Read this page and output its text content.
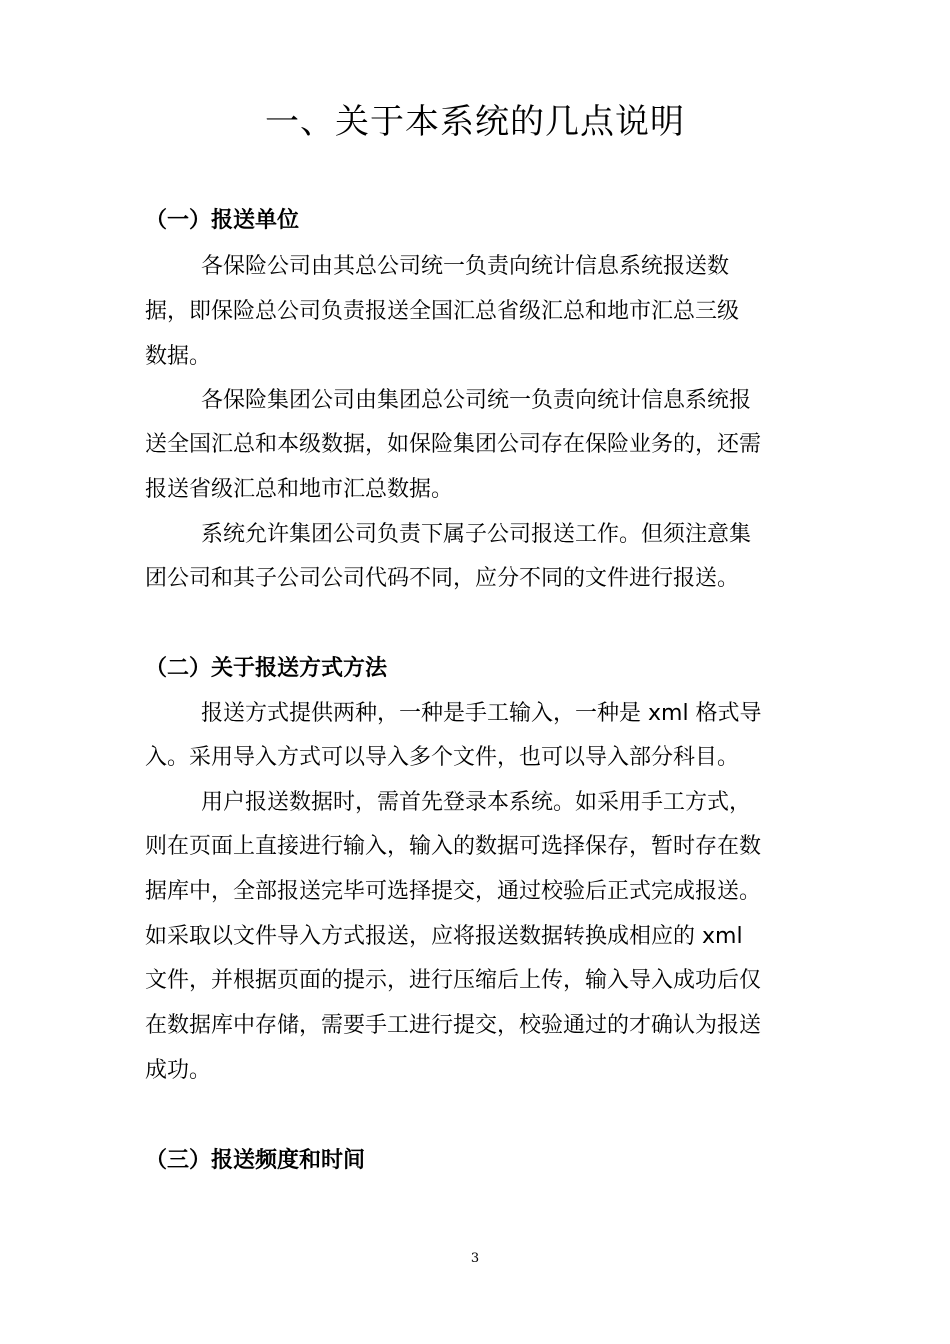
一、关于本系统的几点说明
（一）报送单位
各保险公司由其总公司统一负责向统计信息系统报送数
据，即保险总公司负责报送全国汇总省级汇总和地市汇总三级
数据。
各保险集团公司由集团总公司统一负责向统计信息系统报
送全国汇总和本级数据，如保险集团公司存在保险业务的，还需
报送省级汇总和地市汇总数据。
系统允许集团公司负责下属子公司报送工作。但须注意集
团公司和其子公司公司代码不同，应分不同的文件进行报送。
（二）关于报送方式方法
报送方式提供两种，一种是手工输入，一种是 xml 格式导
入。采用导入方式可以导入多个文件，也可以导入部分科目。
用户报送数据时，需首先登录本系统。如采用手工方式，
则在页面上直接进行输入，输入的数据可选择保存，暂时存在数
据库中，全部报送完毕可选择提交，通过校验后正式完成报送。
如采取以文件导入方式报送，应将报送数据转换成相应的 xml
文件，并根据页面的提示，进行压缩后上传，输入导入成功后仅
在数据库中存储，需要手工进行提交，校验通过的才确认为报送
成功。
（三）报送频度和时间
3
